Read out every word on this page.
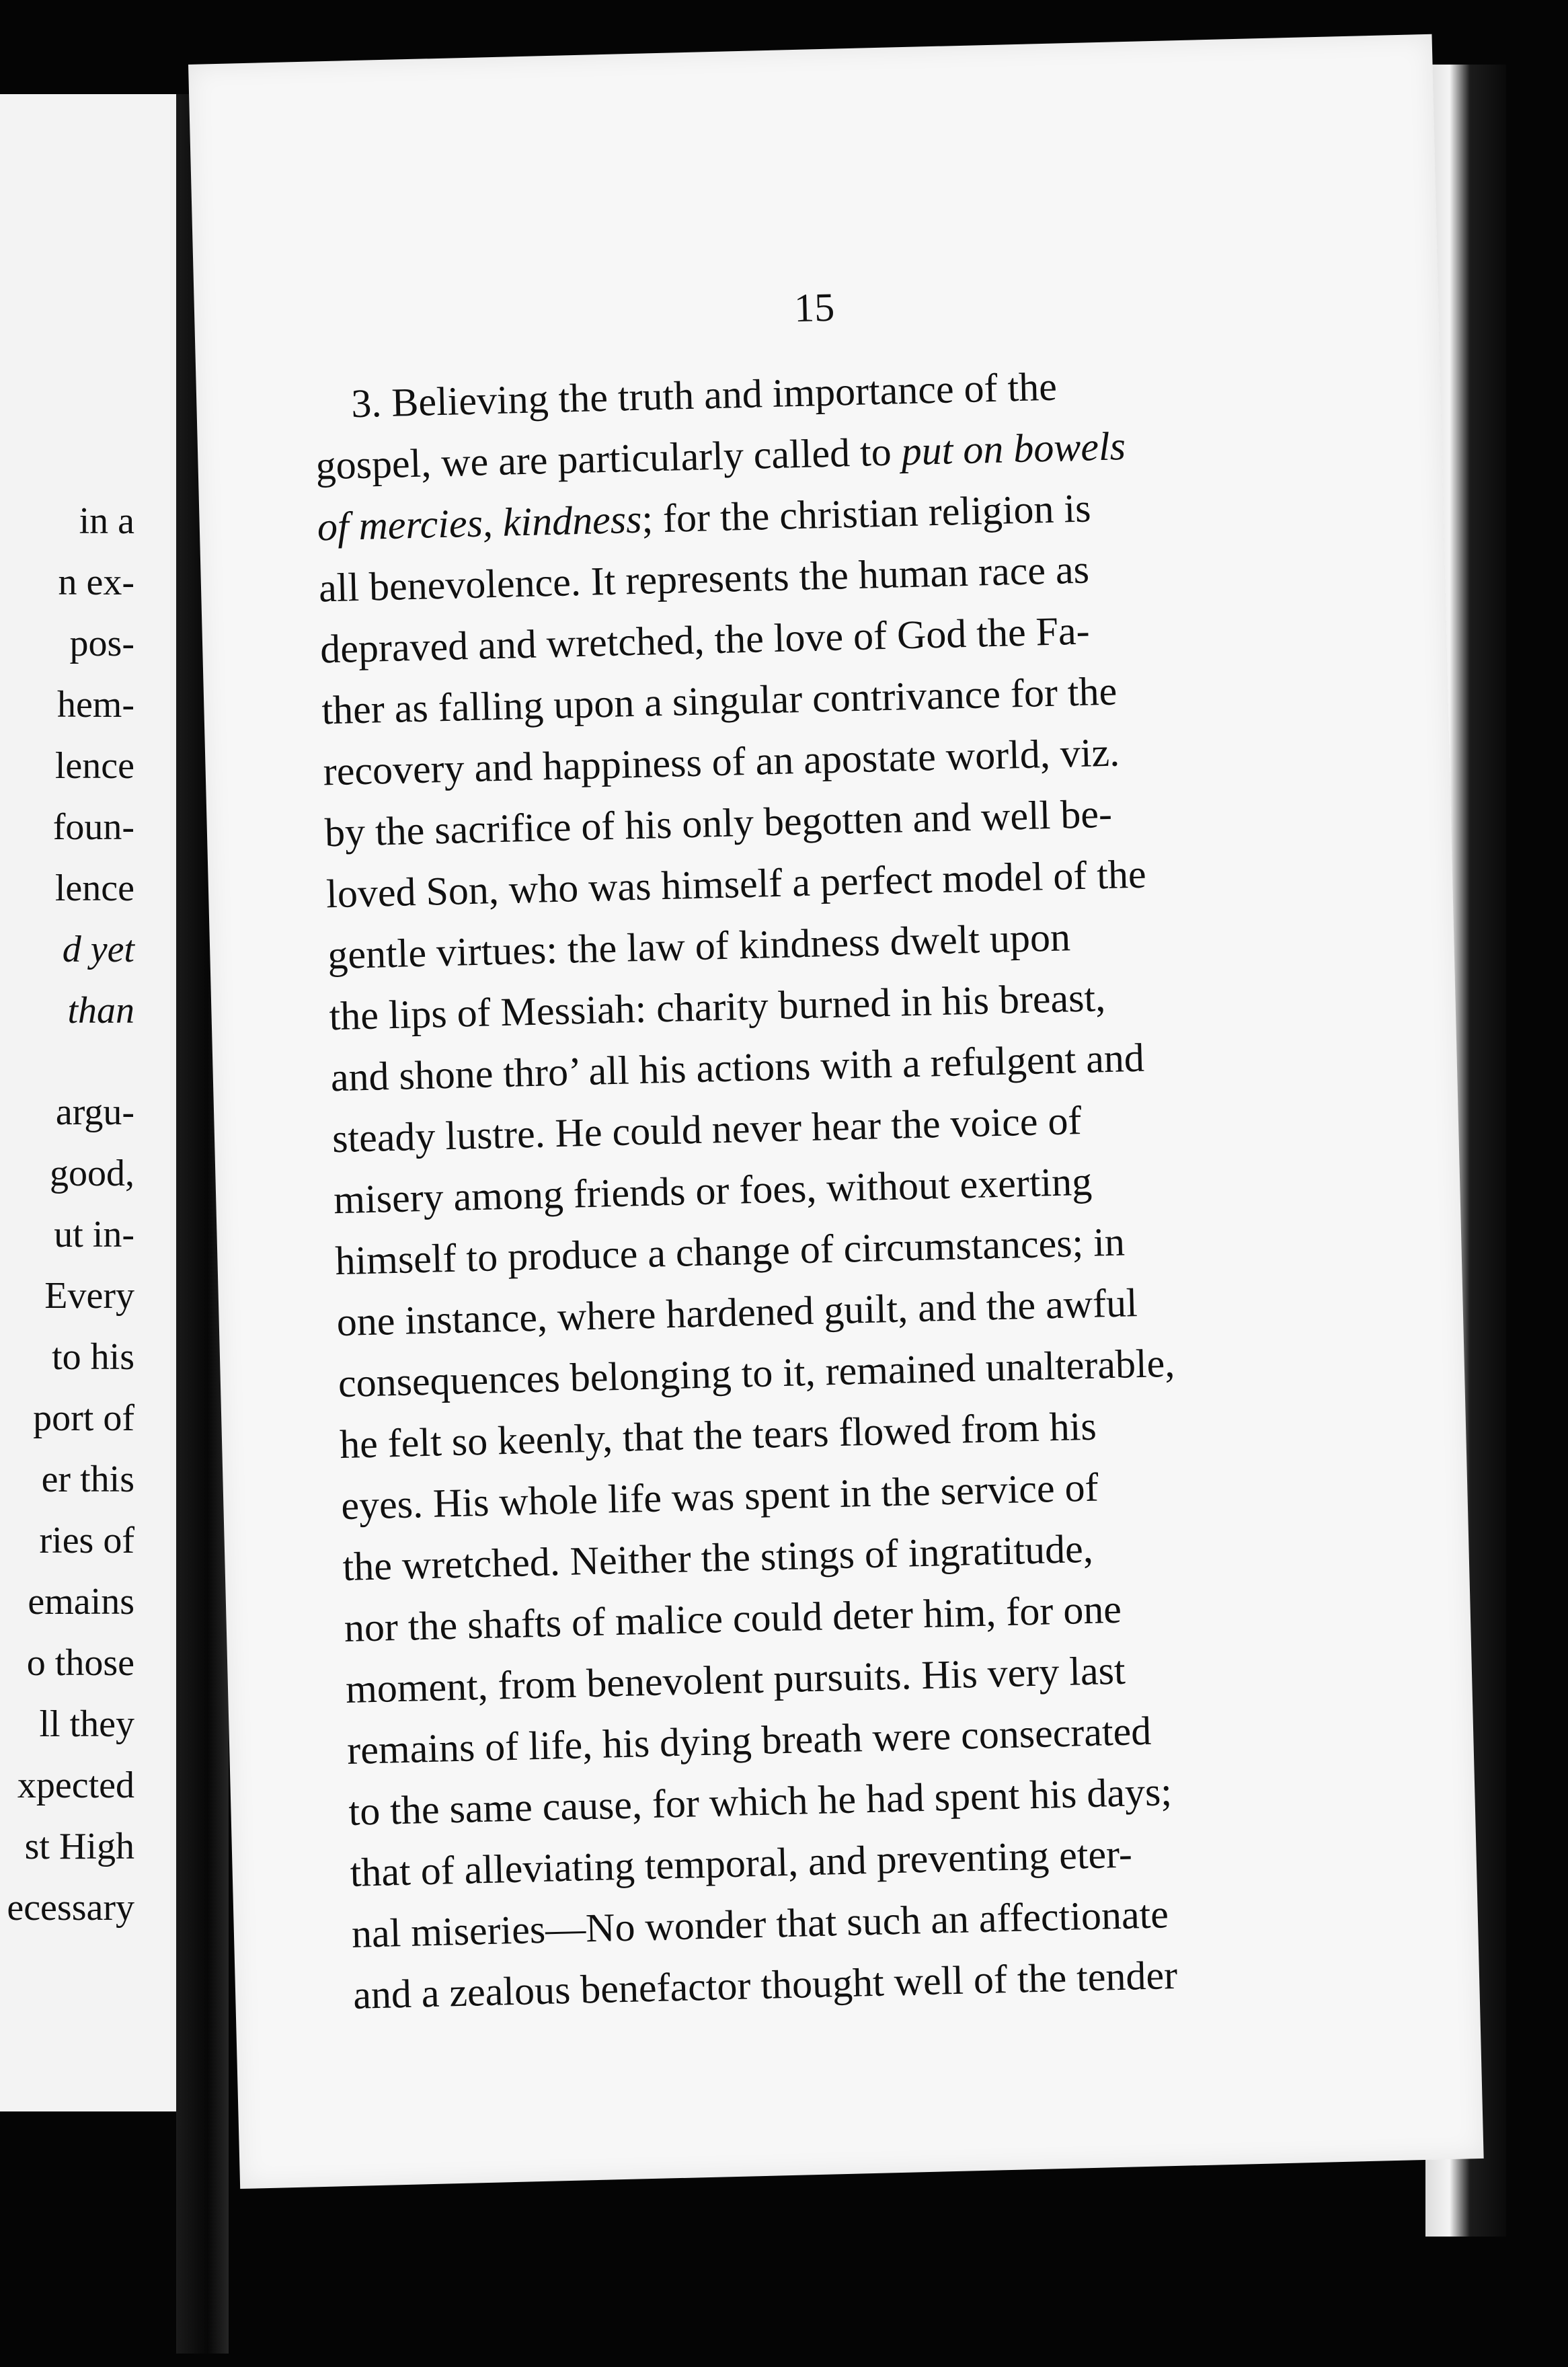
in a
n ex-
pos-
hem-
lence
foun-
lence
d yet
than
argu-
good,
ut in-
Every
to his
port of
er this
ries of
emains
o those
ll they
xpected
st High
ecessary
15
3. Believing the truth and importance of the
gospel, we are particularly called to put on bowels
of mercies, kindness; for the christian religion is
all benevolence. It represents the human race as
depraved and wretched, the love of God the Fa-
ther as falling upon a singular contrivance for the
recovery and happiness of an apostate world, viz.
by the sacrifice of his only begotten and well be-
loved Son, who was himself a perfect model of the
gentle virtues: the law of kindness dwelt upon
the lips of Messiah: charity burned in his breast,
and shone thro’ all his actions with a refulgent and
steady lustre. He could never hear the voice of
misery among friends or foes, without exerting
himself to produce a change of circumstances; in
one instance, where hardened guilt, and the awful
consequences belonging to it, remained unalterable,
he felt so keenly, that the tears flowed from his
eyes. His whole life was spent in the service of
the wretched. Neither the stings of ingratitude,
nor the shafts of malice could deter him, for one
moment, from benevolent pursuits. His very last
remains of life, his dying breath were consecrated
to the same cause, for which he had spent his days;
that of alleviating temporal, and preventing eter-
nal miseries—No wonder that such an affectionate
and a zealous benefactor thought well of the tender
